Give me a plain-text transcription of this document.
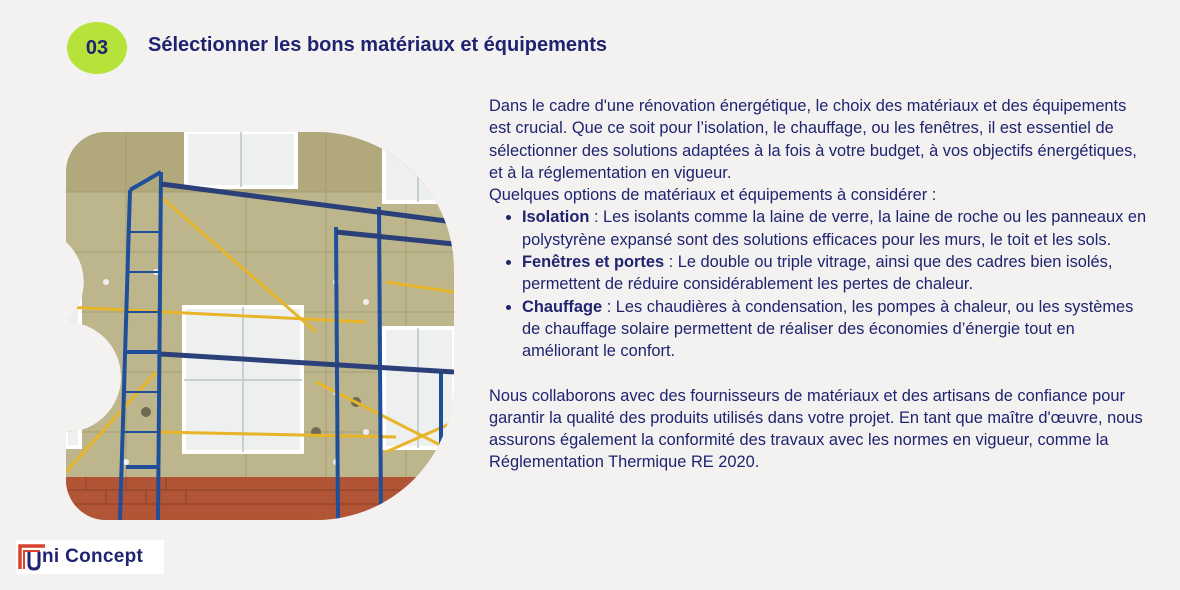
03 Sélectionner les bons matériaux et équipements

Dans le cadre d'une rénovation énergétique, le choix des matériaux et des équipements est crucial. Que ce soit pour l’isolation, le chauffage, ou les fenêtres, il est essentiel de sélectionner des solutions adaptées à la fois à votre budget, à vos objectifs énergétiques, et à la réglementation en vigueur.

Quelques options de matériaux et équipements à considérer :

• Isolation : Les isolants comme la laine de verre, la laine de roche ou les panneaux en polystyrène expansé sont des solutions efficaces pour les murs, le toit et les sols.
• Fenêtres et portes : Le double ou triple vitrage, ainsi que des cadres bien isolés, permettent de réduire considérablement les pertes de chaleur.
• Chauffage : Les chaudières à condensation, les pompes à chaleur, ou les systèmes de chauffage solaire permettent de réaliser des économies d’énergie tout en améliorant le confort.

Nous collaborons avec des fournisseurs de matériaux et des artisans de confiance pour garantir la qualité des produits utilisés dans votre projet. En tant que maître d'œuvre, nous assurons également la conformité des travaux avec les normes en vigueur, comme la Réglementation Thermique RE 2020.

ni Concept
